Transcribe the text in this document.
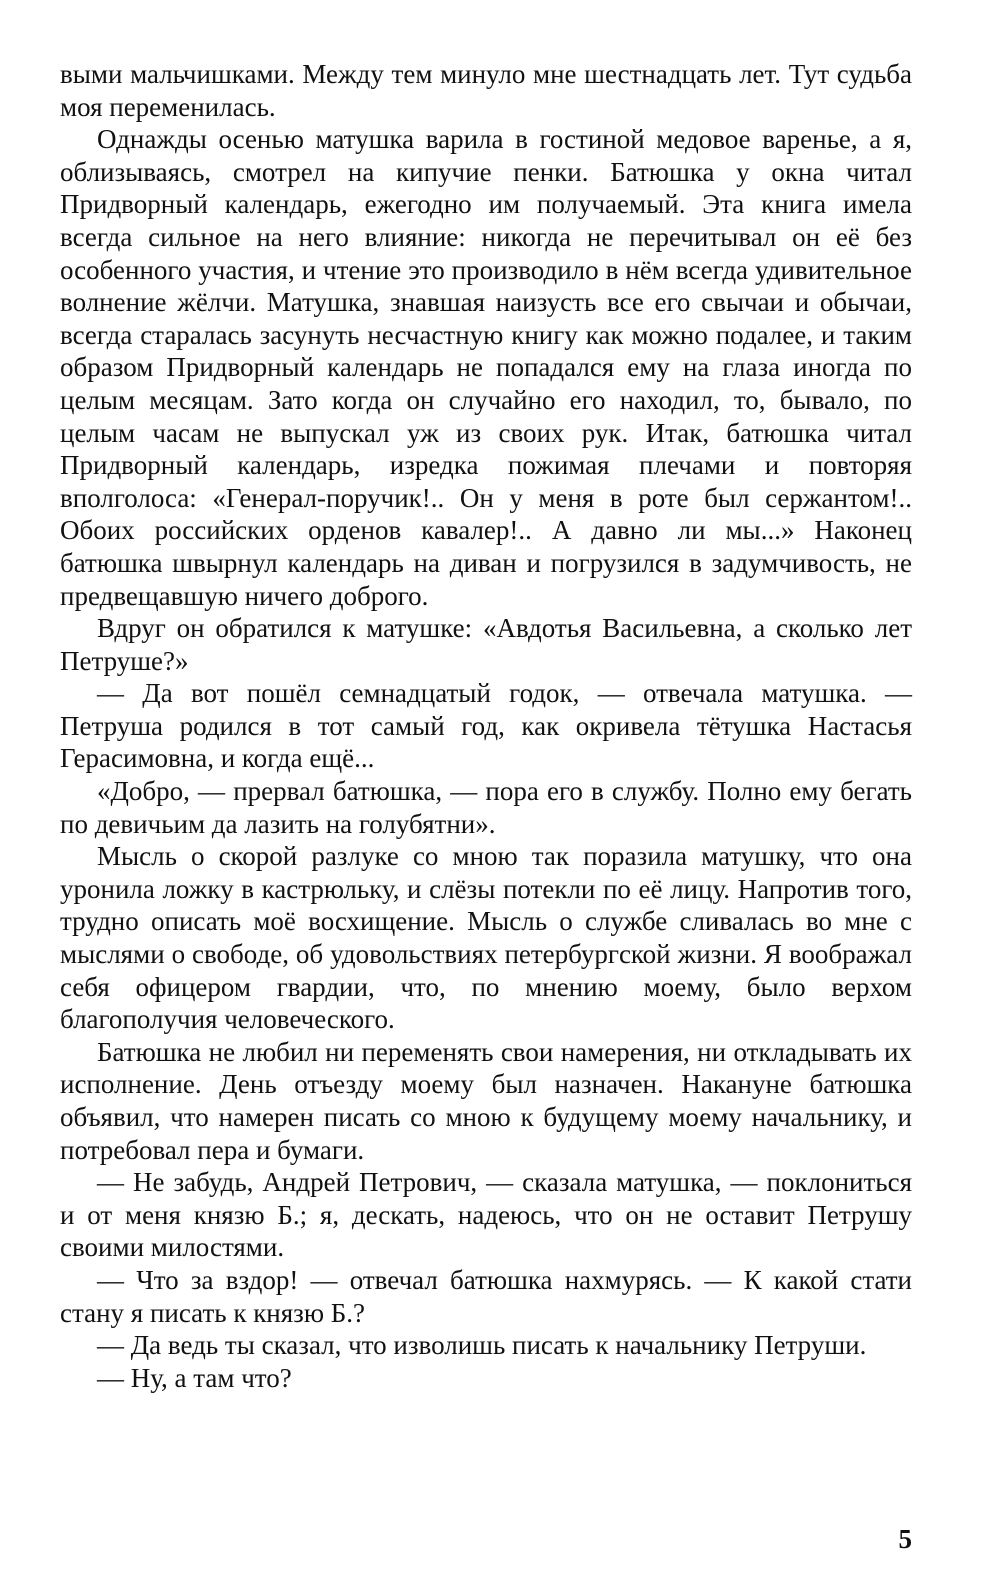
выми мальчишками. Между тем минуло мне шестнадцать лет. Тут судьба моя переменилась.

Однажды осенью матушка варила в гостиной медовое варенье, а я, облизываясь, смотрел на кипучие пенки. Батюшка у окна читал Придворный календарь, ежегодно им получаемый. Эта книга имела всегда сильное на него влияние: никогда не перечитывал он её без особенного участия, и чтение это производило в нём всегда удивительное волнение жёлчи. Матушка, знавшая наизусть все его свычаи и обычаи, всегда старалась засунуть несчастную книгу как можно подалее, и таким образом Придворный календарь не попадался ему на глаза иногда по целым месяцам. Зато когда он случайно его находил, то, бывало, по целым часам не выпускал уж из своих рук. Итак, батюшка читал Придворный календарь, изредка пожимая плечами и повторяя вполголоса: «Генерал-поручик!.. Он у меня в роте был сержантом!.. Обоих российских орденов кавалер!.. А давно ли мы...» Наконец батюшка швырнул календарь на диван и погрузился в задумчивость, не предвещавшую ничего доброго.

Вдруг он обратился к матушке: «Авдотья Васильевна, а сколько лет Петруше?»

— Да вот пошёл семнадцатый годок, — отвечала матушка. — Петруша родился в тот самый год, как окривела тётушка Настасья Герасимовна, и когда ещё...

«Добро, — прервал батюшка, — пора его в службу. Полно ему бегать по девичьим да лазить на голубятни».

Мысль о скорой разлуке со мною так поразила матушку, что она уронила ложку в кастрюльку, и слёзы потекли по её лицу. Напротив того, трудно описать моё восхищение. Мысль о службе сливалась во мне с мыслями о свободе, об удовольствиях петербургской жизни. Я воображал себя офицером гвардии, что, по мнению моему, было верхом благополучия человеческого.

Батюшка не любил ни переменять свои намерения, ни откладывать их исполнение. День отъезду моему был назначен. Накануне батюшка объявил, что намерен писать со мною к будущему моему начальнику, и потребовал пера и бумаги.

— Не забудь, Андрей Петрович, — сказала матушка, — поклониться и от меня князю Б.; я, дескать, надеюсь, что он не оставит Петрушу своими милостями.

— Что за вздор! — отвечал батюшка нахмурясь. — К какой стати стану я писать к князю Б.?

— Да ведь ты сказал, что изволишь писать к начальнику Петруши.

— Ну, а там что?

5
